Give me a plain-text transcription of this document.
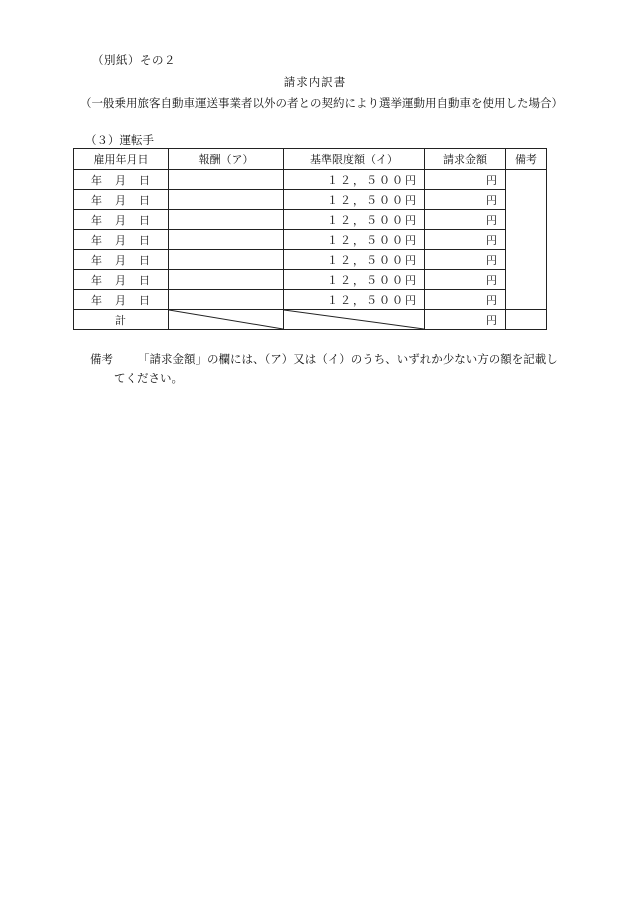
（別紙）その２
請求内訳書
（一般乗用旅客自動車運送事業者以外の者との契約により選挙運動用自動車を使用した場合）
（３）運転手
雇用年月日	報酬（ア）	基準限度額（イ）	請求金額	備考
年　月　日		１２，５００円	円	
年　月　日		１２，５００円	円	
年　月　日		１２，５００円	円	
年　月　日		１２，５００円	円	
年　月　日		１２，５００円	円	
年　月　日		１２，５００円	円	
年　月　日		１２，５００円	円	
計			円	
備考 「請求金額」の欄には、（ア）又は（イ）のうち、いずれか少ない方の額を記載し
てください。
